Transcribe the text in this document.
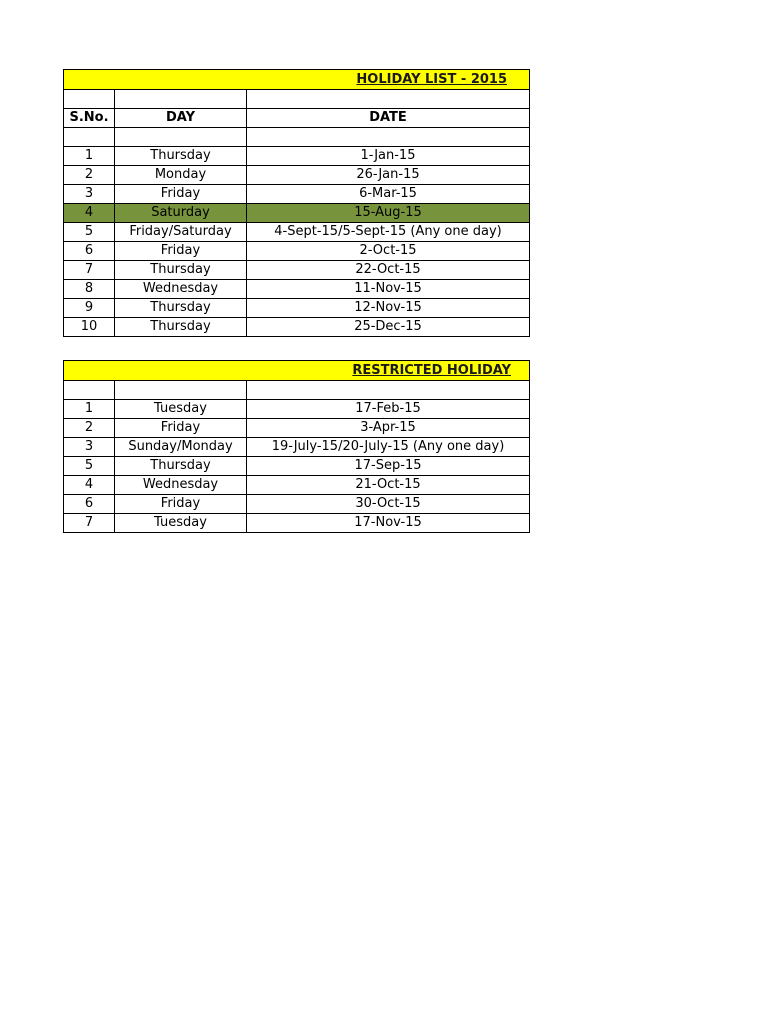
HOLIDAY LIST - 2015		

S.No.	DAY	DATE

1	Thursday	1-Jan-15
2	Monday	26-Jan-15
3	Friday	6-Mar-15
4	Saturday	15-Aug-15
5	Friday/Saturday	4-Sept-15/5-Sept-15 (Any one day)
6	Friday	2-Oct-15
7	Thursday	22-Oct-15
8	Wednesday	11-Nov-15
9	Thursday	12-Nov-15
10	Thursday	25-Dec-15
RESTRICTED HOLIDAY		

1	Tuesday	17-Feb-15
2	Friday	3-Apr-15
3	Sunday/Monday	19-July-15/20-July-15 (Any one day)
5	Thursday	17-Sep-15
4	Wednesday	21-Oct-15
6	Friday	30-Oct-15
7	Tuesday	17-Nov-15
